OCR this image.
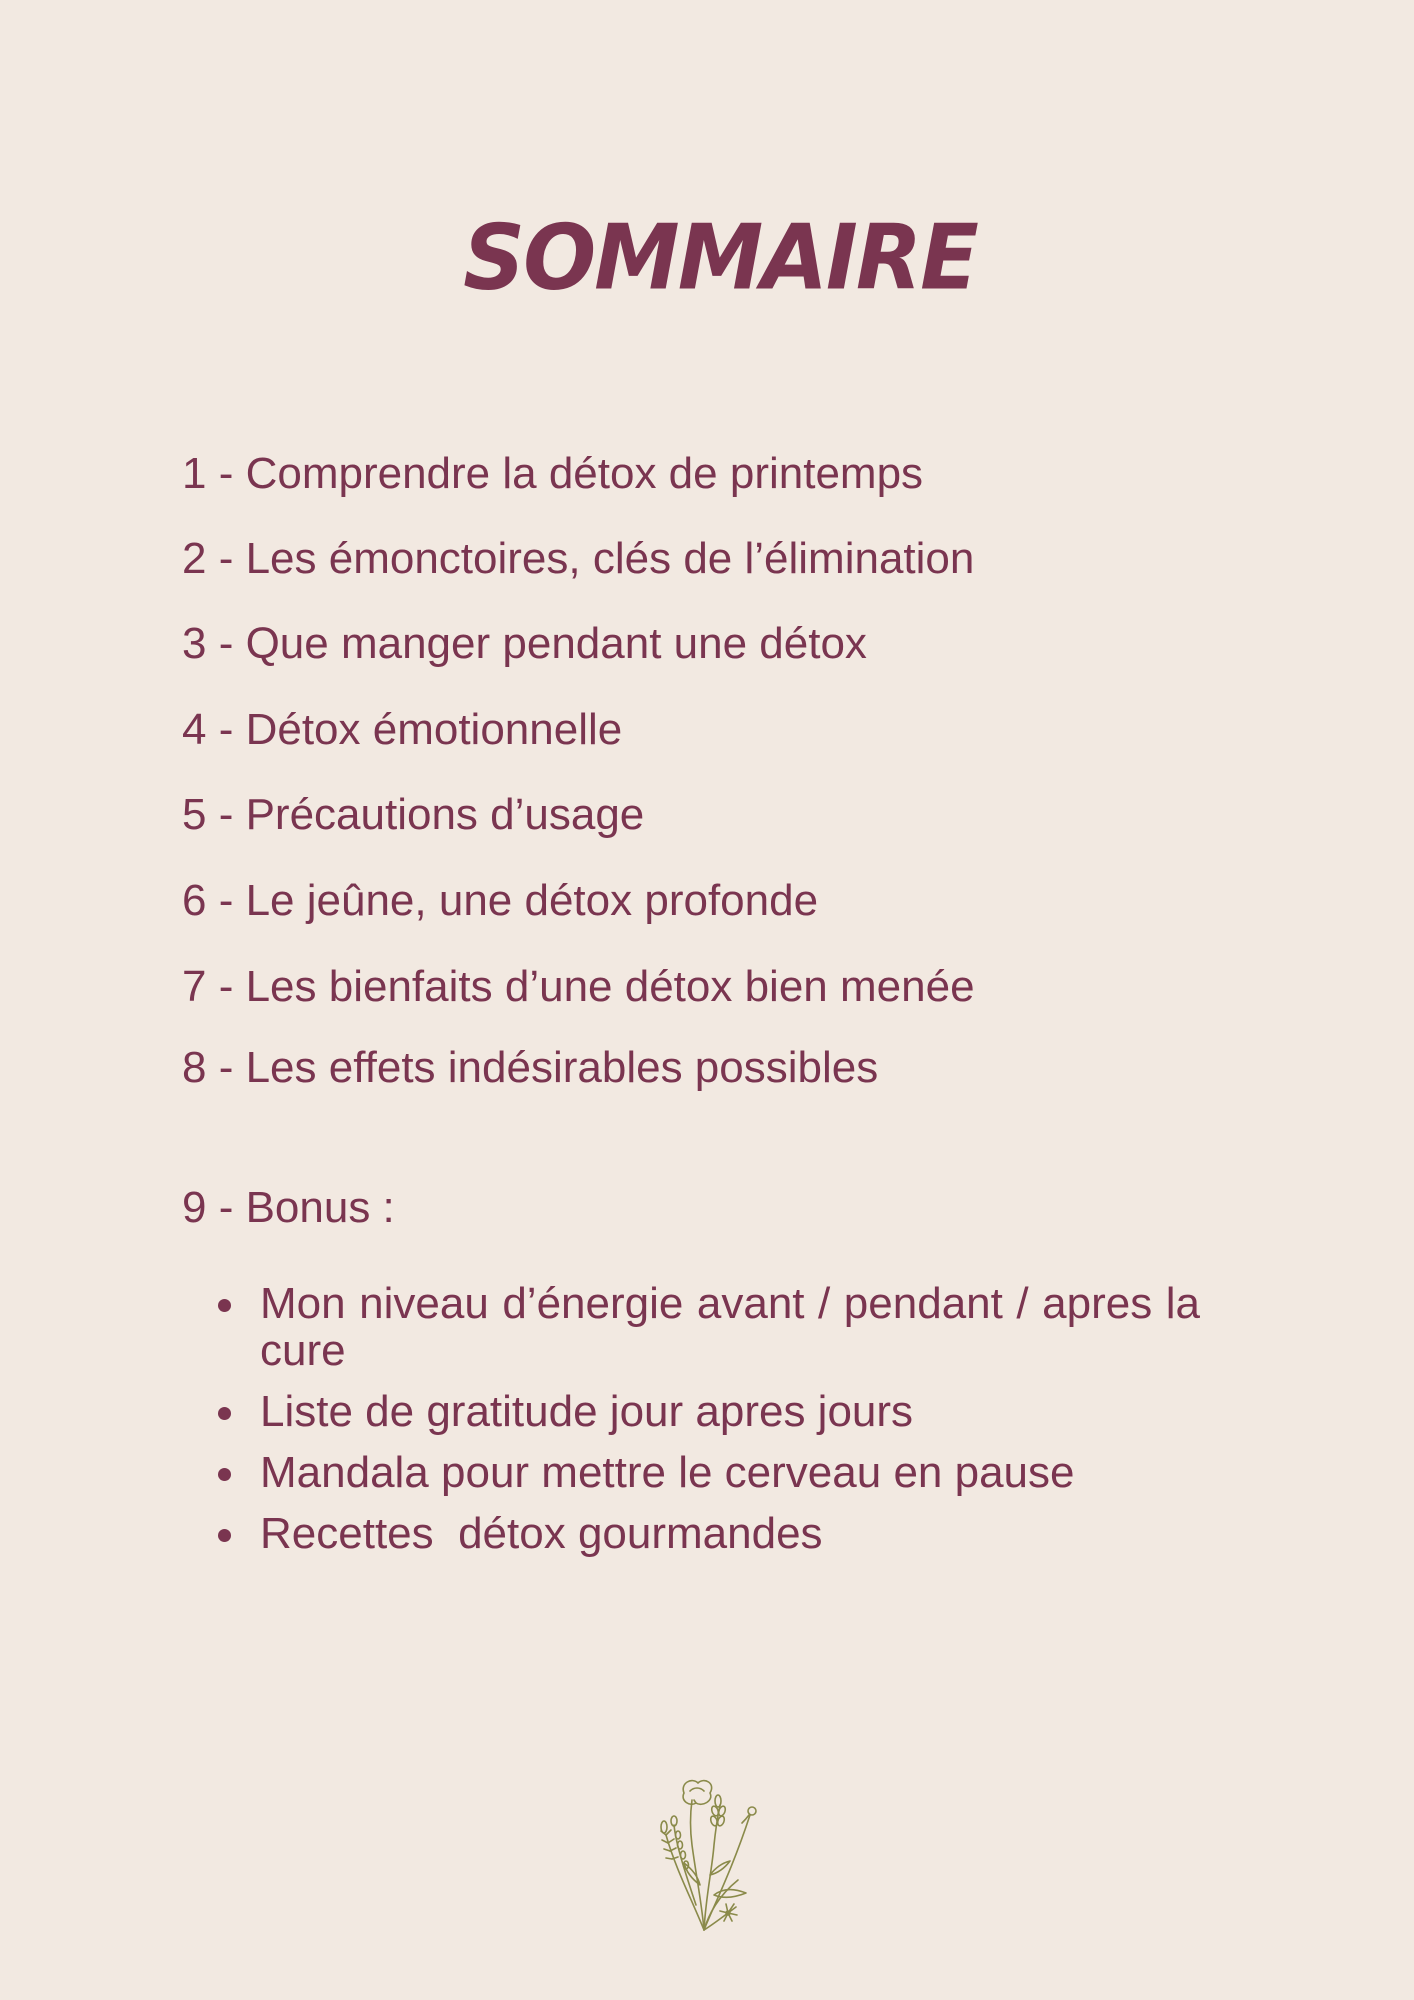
SOMMAIRE
1 - Comprendre la détox de printemps
2 - Les émonctoires, clés de l’élimination
3 - Que manger pendant une détox
4 - Détox émotionnelle
5 - Précautions d’usage
6 - Le jeûne, une détox profonde
7 - Les bienfaits d’une détox bien menée
8 - Les effets indésirables possibles
9 - Bonus :
Mon niveau d’énergie avant / pendant / apres la cure
Liste de gratitude jour apres jours
Mandala pour mettre le cerveau en pause
Recettes  détox gourmandes
